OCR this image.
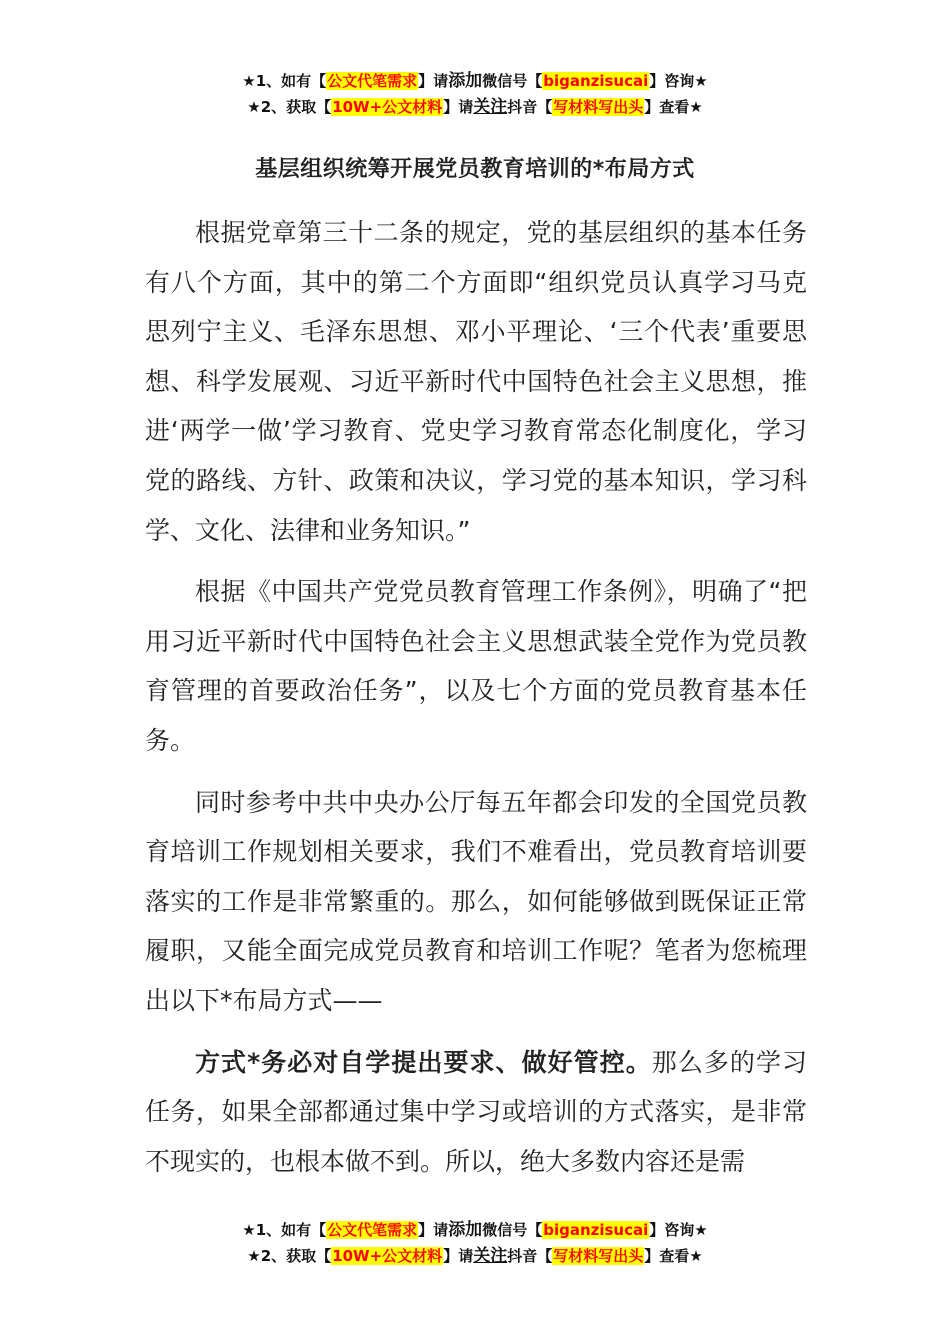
★1、如有【公文代笔需求】请添加微信号【biganzisucai】咨询★
★2、获取【10W+公文材料】请关注抖音【写材料写出头】查看★
基层组织统筹开展党员教育培训的*布局方式

根据党章第三十二条的规定，党的基层组织的基本任务有八个方面，其中的第二个方面即“组织党员认真学习马克思列宁主义、毛泽东思想、邓小平理论、‘三个代表’重要思想、科学发展观、习近平新时代中国特色社会主义思想，推进‘两学一做’学习教育、党史学习教育常态化制度化，学习党的路线、方针、政策和决议，学习党的基本知识，学习科学、文化、法律和业务知识。”

根据《中国共产党党员教育管理工作条例》，明确了“把用习近平新时代中国特色社会主义思想武装全党作为党员教育管理的首要政治任务”，以及七个方面的党员教育基本任务。

同时参考中共中央办公厅每五年都会印发的全国党员教育培训工作规划相关要求，我们不难看出，党员教育培训要落实的工作是非常繁重的。那么，如何能够做到既保证正常履职，又能全面完成党员教育和培训工作呢？笔者为您梳理出以下*布局方式——

方式*务必对自学提出要求、做好管控。那么多的学习任务，如果全部都通过集中学习或培训的方式落实，是非常不现实的，也根本做不到。所以，绝大多数内容还是需

★1、如有【公文代笔需求】请添加微信号【biganzisucai】咨询★
★2、获取【10W+公文材料】请关注抖音【写材料写出头】查看★
